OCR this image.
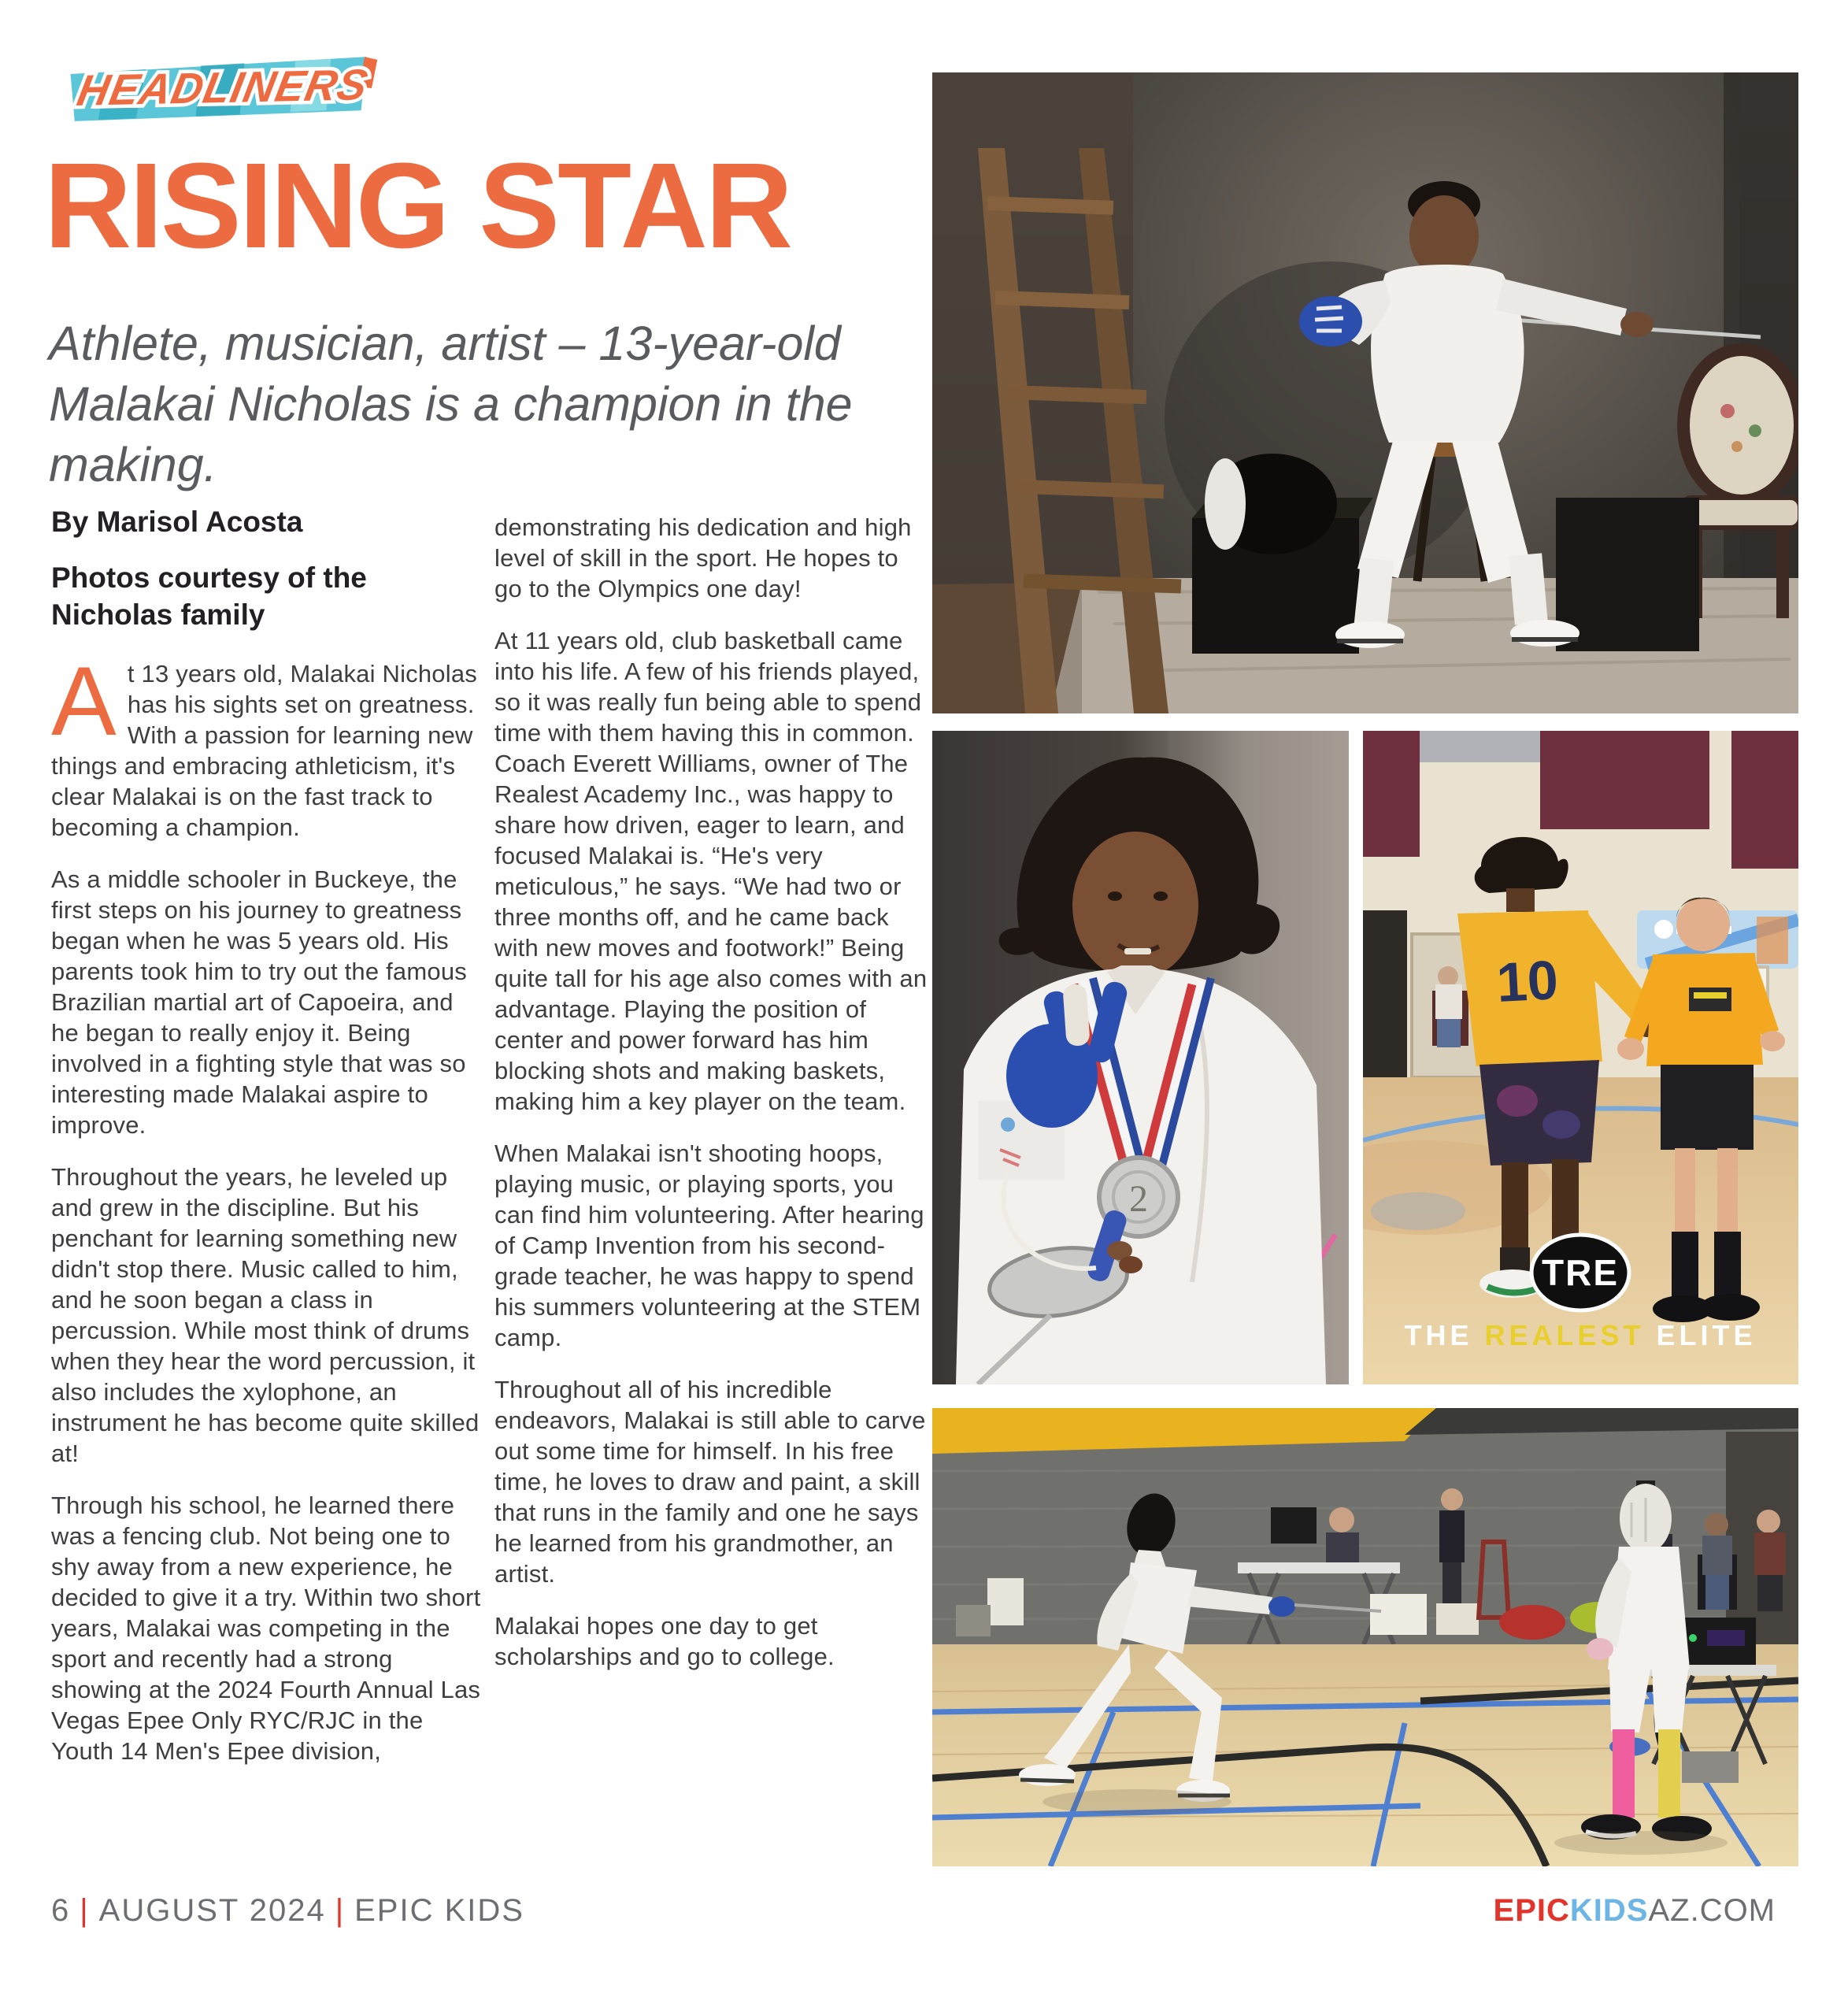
HEADLINERS
RISING STAR

Athlete, musician, artist – 13-year-old Malakai Nicholas is a champion in the making.

By Marisol Acosta

Photos courtesy of the Nicholas family

At 13 years old, Malakai Nicholas has his sights set on greatness. With a passion for learning new things and embracing athleticism, it's clear Malakai is on the fast track to becoming a champion.

As a middle schooler in Buckeye, the first steps on his journey to greatness began when he was 5 years old. His parents took him to try out the famous Brazilian martial art of Capoeira, and he began to really enjoy it. Being involved in a fighting style that was so interesting made Malakai aspire to improve.

Throughout the years, he leveled up and grew in the discipline. But his penchant for learning something new didn't stop there. Music called to him, and he soon began a class in percussion. While most think of drums when they hear the word percussion, it also includes the xylophone, an instrument he has become quite skilled at!

Through his school, he learned there was a fencing club. Not being one to shy away from a new experience, he decided to give it a try. Within two short years, Malakai was competing in the sport and recently had a strong showing at the 2024 Fourth Annual Las Vegas Epee Only RYC/RJC in the Youth 14 Men's Epee division,

demonstrating his dedication and high level of skill in the sport. He hopes to go to the Olympics one day!

At 11 years old, club basketball came into his life. A few of his friends played, so it was really fun being able to spend time with them having this in common. Coach Everett Williams, owner of The Realest Academy Inc., was happy to share how driven, eager to learn, and focused Malakai is. “He's very meticulous,” he says. “We had two or three months off, and he came back with new moves and footwork!” Being quite tall for his age also comes with an advantage. Playing the position of center and power forward has him blocking shots and making baskets, making him a key player on the team.

When Malakai isn't shooting hoops, playing music, or playing sports, you can find him volunteering. After hearing of Camp Invention from his second-grade teacher, he was happy to spend his summers volunteering at the STEM camp.

Throughout all of his incredible endeavors, Malakai is still able to carve out some time for himself. In his free time, he loves to draw and paint, a skill that runs in the family and one he says he learned from his grandmother, an artist.

Malakai hopes one day to get scholarships and go to college.

2
10
TRE
THE REALEST ELITE
6 | AUGUST 2024 | EPIC KIDS	EPICKIDSAZ.COM
